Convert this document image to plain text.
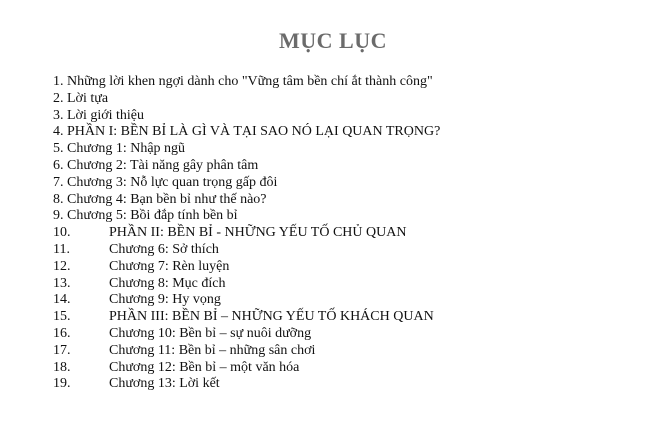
MỤC LỤC
1. Những lời khen ngợi dành cho "Vững tâm bền chí ắt thành công"
2. Lời tựa
3. Lời giới thiệu
4. PHẦN I: BỀN BỈ LÀ GÌ VÀ TẠI SAO NÓ LẠI QUAN TRỌNG?
5. Chương 1: Nhập ngũ
6. Chương 2: Tài năng gây phân tâm
7. Chương 3: Nỗ lực quan trọng gấp đôi
8. Chương 4: Bạn bền bỉ như thế nào?
9. Chương 5: Bồi đắp tính bền bỉ
10.	PHẦN II: BỀN BỈ - NHỮNG YẾU TỐ CHỦ QUAN
11.	Chương 6: Sở thích
12.	Chương 7: Rèn luyện
13.	Chương 8: Mục đích
14.	Chương 9: Hy vọng
15.	PHẦN III: BỀN BỈ – NHỮNG YẾU TỐ KHÁCH QUAN
16.	Chương 10: Bền bỉ – sự nuôi dưỡng
17.	Chương 11: Bền bỉ – những sân chơi
18.	Chương 12: Bền bỉ – một văn hóa
19.	Chương 13: Lời kết
